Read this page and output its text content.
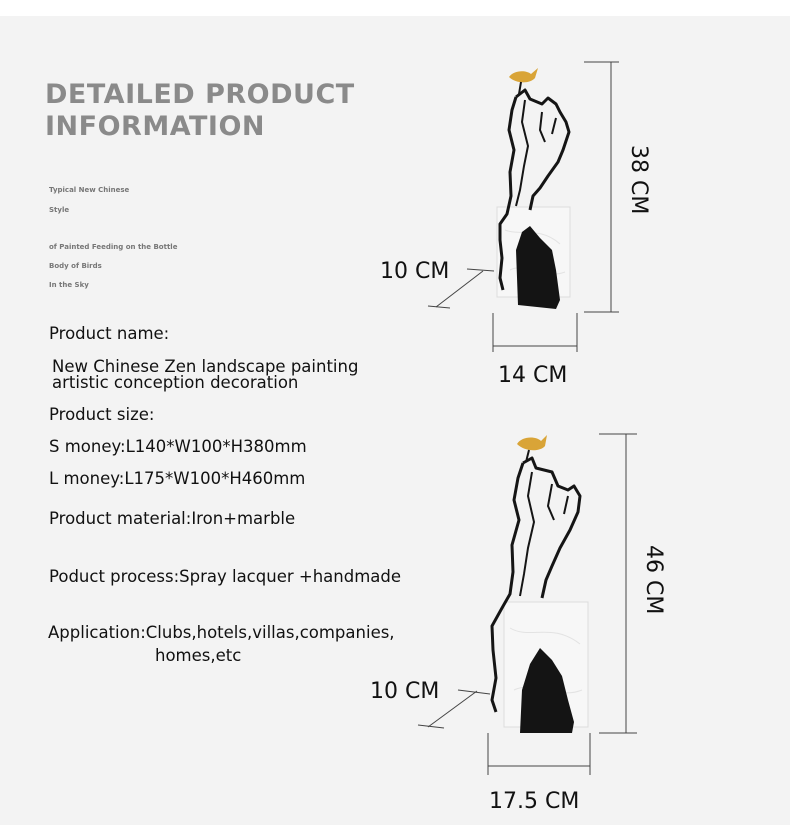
DETAILED PRODUCT
INFORMATION
Typical New Chinese
Style
of Painted Feeding on the Bottle
Body of Birds
In the Sky
Product name:
New Chinese Zen landscape painting
artistic conception decoration
Product size:
S money:L140*W100*H380mm
L money:L175*W100*H460mm
Product material:Iron+marble
Poduct process:Spray lacquer +handmade
Application:Clubs,hotels,villas,companies,
homes,etc
10 CM
14 CM
38 CM
10 CM
17.5 CM
46 CM
